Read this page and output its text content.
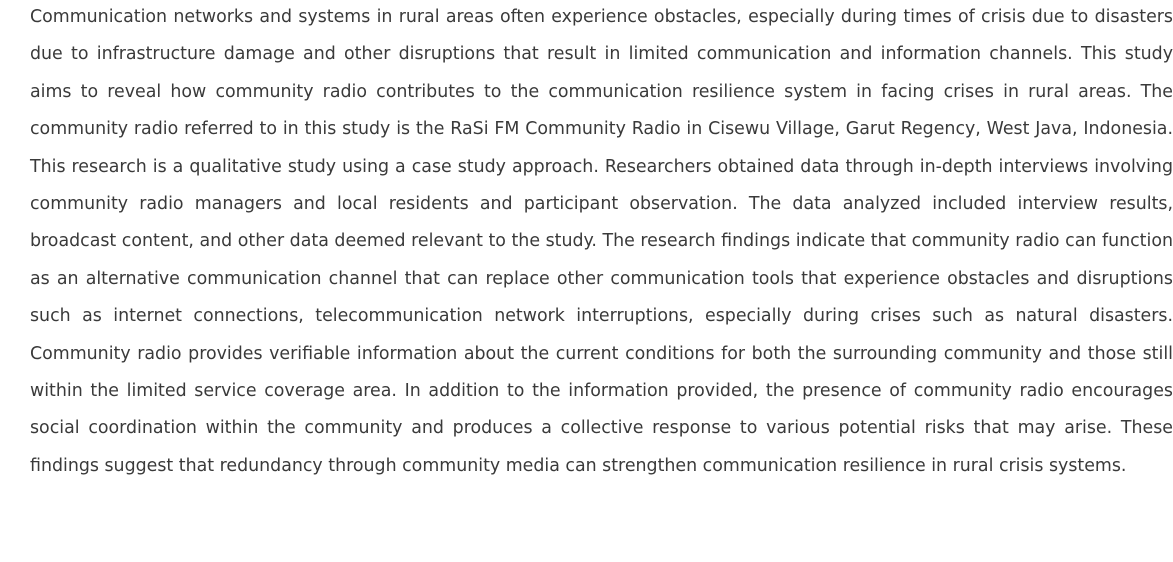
Communication networks and systems in rural areas often experience obstacles, especially during times of crisis due to disasters due to infrastructure damage and other disruptions that result in limited communication and information channels. This study aims to reveal how community radio contributes to the communication resilience system in facing crises in rural areas. The community radio referred to in this study is the RaSi FM Community Radio in Cisewu Village, Garut Regency, West Java, Indonesia. This research is a qualitative study using a case study approach. Researchers obtained data through in-depth interviews involving community radio managers and local residents and participant observation. The data analyzed included interview results, broadcast content, and other data deemed relevant to the study. The research findings indicate that community radio can function as an alternative communication channel that can replace other communication tools that experience obstacles and disruptions such as internet connections, telecommunication network interruptions, especially during crises such as natural disasters. Community radio provides verifiable information about the current conditions for both the surrounding community and those still within the limited service coverage area. In addition to the information provided, the presence of community radio encourages social coordination within the community and produces a collective response to various potential risks that may arise. These findings suggest that redundancy through community media can strengthen communication resilience in rural crisis systems.
